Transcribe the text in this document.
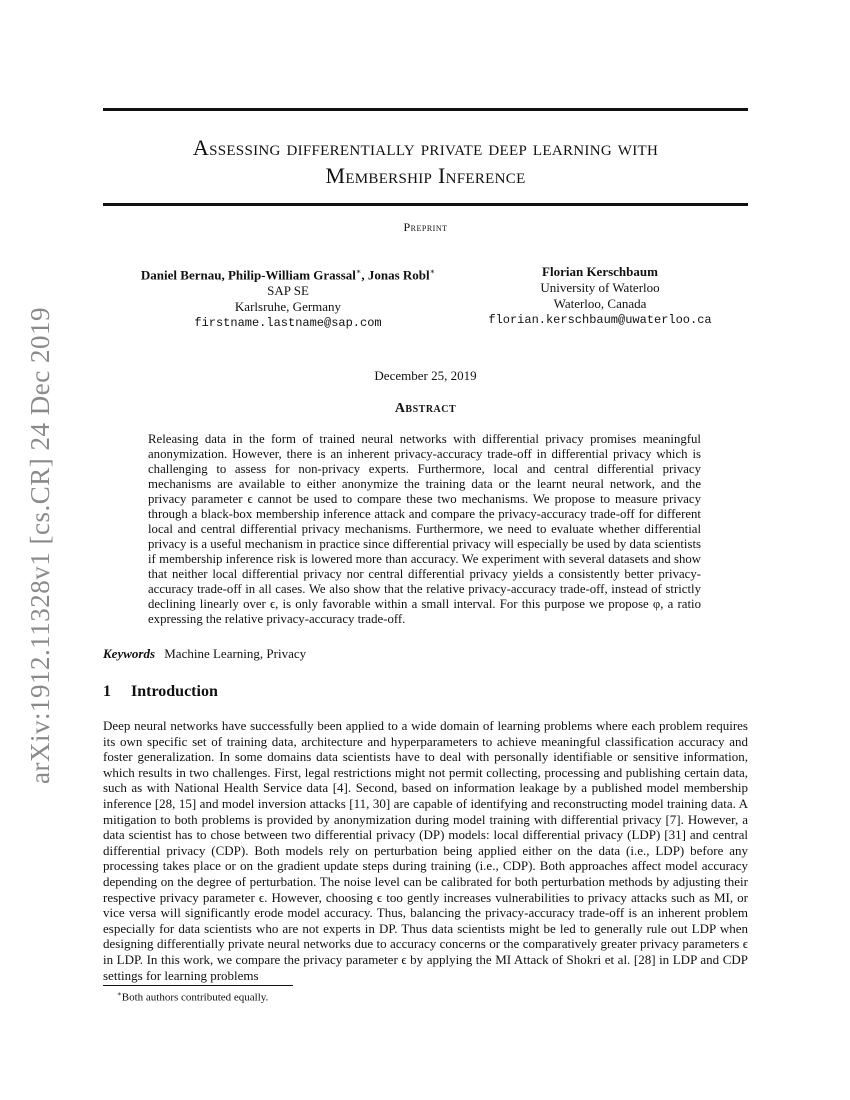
arXiv:1912.11328v1 [cs.CR] 24 Dec 2019
Assessing differentially private deep learning with
Membership Inference
Preprint
Daniel Bernau, Philip-William Grassal∗, Jonas Robl∗
SAP SE
Karlsruhe, Germany
firstname.lastname@sap.com
Florian Kerschbaum
University of Waterloo
Waterloo, Canada
florian.kerschbaum@uwaterloo.ca
December 25, 2019
Abstract
Releasing data in the form of trained neural networks with differential privacy promises meaningful anonymization. However, there is an inherent privacy-accuracy trade-off in differential privacy which is challenging to assess for non-privacy experts. Furthermore, local and central differential privacy mechanisms are available to either anonymize the training data or the learnt neural network, and the privacy parameter ϵ cannot be used to compare these two mechanisms. We propose to measure privacy through a black-box membership inference attack and compare the privacy-accuracy trade-off for different local and central differential privacy mechanisms. Furthermore, we need to evaluate whether differential privacy is a useful mechanism in practice since differential privacy will especially be used by data scientists if membership inference risk is lowered more than accuracy. We experiment with several datasets and show that neither local differential privacy nor central differential privacy yields a consistently better privacy-accuracy trade-off in all cases. We also show that the relative privacy-accuracy trade-off, instead of strictly declining linearly over ϵ, is only favorable within a small interval. For this purpose we propose φ, a ratio expressing the relative privacy-accuracy trade-off.
Keywords Machine Learning, Privacy
1 Introduction
Deep neural networks have successfully been applied to a wide domain of learning problems where each problem requires its own specific set of training data, architecture and hyperparameters to achieve meaningful classification accuracy and foster generalization. In some domains data scientists have to deal with personally identifiable or sensitive information, which results in two challenges. First, legal restrictions might not permit collecting, processing and publishing certain data, such as with National Health Service data [4]. Second, based on information leakage by a published model membership inference [28, 15] and model inversion attacks [11, 30] are capable of identifying and reconstructing model training data. A mitigation to both problems is provided by anonymization during model training with differential privacy [7]. However, a data scientist has to chose between two differential privacy (DP) models: local differential privacy (LDP) [31] and central differential privacy (CDP). Both models rely on perturbation being applied either on the data (i.e., LDP) before any processing takes place or on the gradient update steps during training (i.e., CDP). Both approaches affect model accuracy depending on the degree of perturbation. The noise level can be calibrated for both perturbation methods by adjusting their respective privacy parameter ϵ. However, choosing ϵ too gently increases vulnerabilities to privacy attacks such as MI, or vice versa will significantly erode model accuracy. Thus, balancing the privacy-accuracy trade-off is an inherent problem especially for data scientists who are not experts in DP. Thus data scientists might be led to generally rule out LDP when designing differentially private neural networks due to accuracy concerns or the comparatively greater privacy parameters ϵ in LDP. In this work, we compare the privacy parameter ϵ by applying the MI Attack of Shokri et al. [28] in LDP and CDP settings for learning problems
∗Both authors contributed equally.
